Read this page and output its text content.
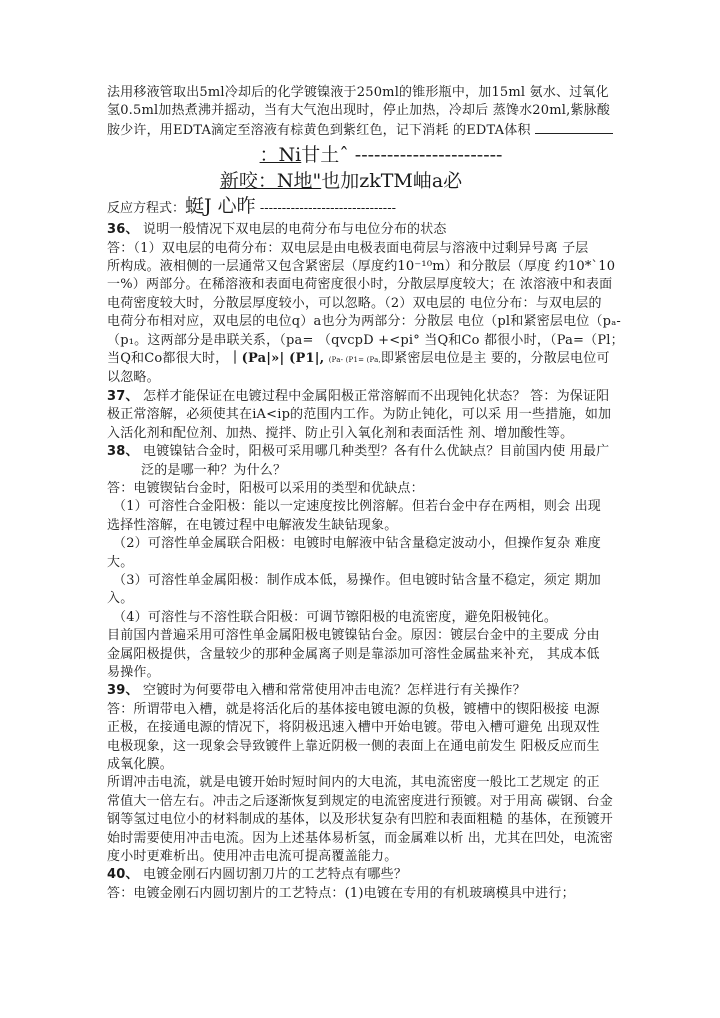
法用移液管取出5ml冷却后的化学镀镍液于250ml的锥形瓶中，加15ml 氨水、过氧化
氢0.5ml加热煮沸并摇动，当有大气泡出现时，停止加热，冷却后 蒸馋水20ml,紫脉酸
胺少许，用EDTA滴定至溶液有棕黄色到紫红色，记下消耗 的EDTA体积
：Ni甘土ˆ -----------------------
新咬：N地"也加zkTM岫a必
反应方程式：蜓J 心昨 -------------------------------
36、 说明一般情况下双电层的电荷分布与电位分布的状态
答：（1）双电层的电荷分布：双电层是由电极表面电荷层与溶液中过剩异号离 子层
所构成。液相侧的一层通常又包含紧密层（厚度约10⁻¹⁰m）和分散层（厚度 约10*`10
一%）两部分。在稀溶液和表面电荷密度很小时，分散层厚度较大；在 浓溶液中和表面
电荷密度较大时，分散层厚度较小，可以忽略。（2）双电层的 电位分布：与双电层的
电荷分布相对应，双电层的电位q）a也分为两部分：分散层 电位（pl和紧密层电位（pₐ-
（p₁。这两部分是串联关系，（pa= （qvcpD +<pi° 当Q和Co 都很小时，（Pa=（Pl；
当Q和Co都很大时，｜(Pa|»| (P1|, (Pa- (P1= (Pa,即紧密层电位是主 要的，分散层电位可
以忽略。
37、 怎样才能保证在电镀过程中金属阳极正常溶解而不出现钝化状态？ 答：为保证阳
极正常溶解，必须使其在iA<ip的范围内工作。为防止钝化，可以采 用一些措施，如加
入活化剂和配位剂、加热、搅拌、防止引入氧化剂和表面活性 剂、增加酸性等。
38、 电镀镍钴合金时，阳极可采用哪几种类型？各有什么优缺点？目前国内使 用最广
泛的是哪一种？为什么？
答：电镀锲钻台金时，阳极可以采用的类型和优缺点：
（1）可溶性合金阳极：能以一定速度按比例溶解。但若台金中存在两相，则会 出现
选择性溶解，在电镀过程中电解液发生缺钻现象。
（2）可溶性单金属联合阳极：电镀时电解液中钻含量稳定波动小，但操作复杂 难度
大。
（3）可溶性单金属阳极：制作成本低，易操作。但电镀时钻含量不稳定，须定 期加
入。
（4）可溶性与不溶性联合阳极：可调节镲阳极的电流密度，避免阳极钝化。
目前国内普遍采用可溶性单金属阳极电镀镍钻台金。原因：镀层台金中的主要成 分由
金属阳极提供，含量较少的那种金属离子则是靠添加可溶性金属盐来补充， 其成本低
易操作。
39、 空镀时为何要带电入槽和常常使用冲击电流？怎样进行有关操作？
答：所谓带电入槽，就是将活化后的基体接电镀电源的负极，镀槽中的锲阳极接 电源
正极，在接通电源的情况下，将阴极迅速入槽中开始电镀。带电入槽可避免 出现双性
电极现象，这一现象会导致镀件上靠近阴极一侧的表面上在通电前发生 阳极反应而生
成氧化膜。
所谓冲击电流，就是电镀开始时短时间内的大电流，其电流密度一般比工艺规定 的正
常值大一倍左右。冲击之后逐渐恢复到规定的电流密度进行预镀。对于用高 碳钢、台金
钢等氢过电位小的材料制成的基体，以及形状复杂有凹腔和表面粗糙 的基体，在预镀开
始时需要使用冲击电流。因为上述基体易析氢，而金属难以析 出，尤其在凹处，电流密
度小时更难析出。使用冲击电流可提高覆盖能力。
40、 电镀金刚石内圆切割刀片的工艺特点有哪些？
答：电镀金刚石内圆切割片的工艺特点：(1)电镀在专用的有机玻璃模具中进行；
